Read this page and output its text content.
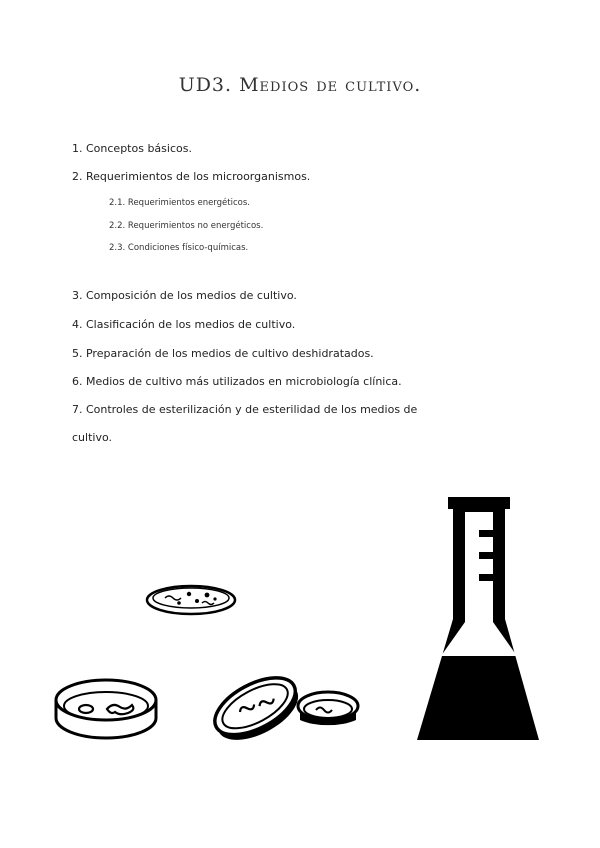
UD3. Medios de cultivo.
1. Conceptos básicos.
2. Requerimientos de los microorganismos.
2.1. Requerimientos energéticos.
2.2. Requerimientos no energéticos.
2.3. Condiciones físico-químicas.
3. Composición de los medios de cultivo.
4. Clasificación de los medios de cultivo.
5. Preparación de los medios de cultivo deshidratados.
6. Medios de cultivo más utilizados en microbiología clínica.
7. Controles de esterilización y de esterilidad de los medios de
cultivo.
